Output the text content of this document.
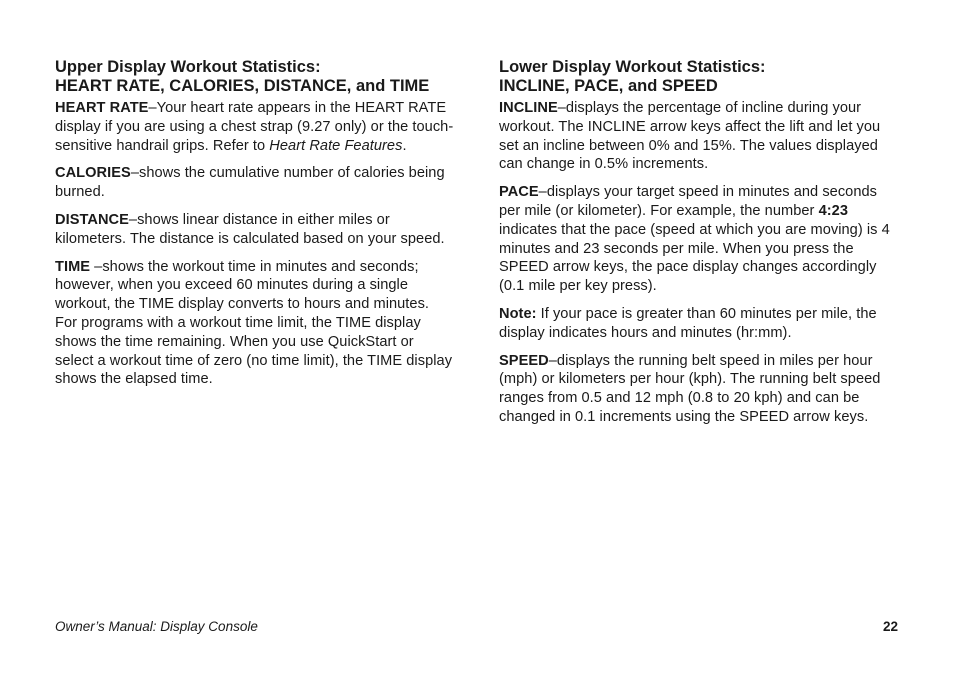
Upper Display Workout Statistics:
HEART RATE, CALORIES, DISTANCE, and TIME

HEART RATE–Your heart rate appears in the HEART RATE display if you are using a chest strap (9.27 only) or the touch-sensitive handrail grips. Refer to Heart Rate Features.

CALORIES–shows the cumulative number of calories being burned.

DISTANCE–shows linear distance in either miles or kilometers. The distance is calculated based on your speed.

TIME –shows the workout time in minutes and seconds; however, when you exceed 60 minutes during a single workout, the TIME display converts to hours and minutes. For programs with a workout time limit, the TIME display shows the time remaining. When you use QuickStart or select a workout time of zero (no time limit), the TIME display shows the elapsed time.

Lower Display Workout Statistics:
INCLINE, PACE, and SPEED

INCLINE–displays the percentage of incline during your workout. The INCLINE arrow keys affect the lift and let you set an incline between 0% and 15%. The values displayed can change in 0.5% increments.

PACE–displays your target speed in minutes and seconds per mile (or kilometer). For example, the number 4:23 indicates that the pace (speed at which you are moving) is 4 minutes and 23 seconds per mile. When you press the SPEED arrow keys, the pace display changes accordingly (0.1 mile per key press).

Note: If your pace is greater than 60 minutes per mile, the display indicates hours and minutes (hr:mm).

SPEED–displays the running belt speed in miles per hour (mph) or kilometers per hour (kph). The running belt speed ranges from 0.5 and 12 mph (0.8 to 20 kph) and can be changed in 0.1 increments using the SPEED arrow keys.

Owner’s Manual: Display Console	22
